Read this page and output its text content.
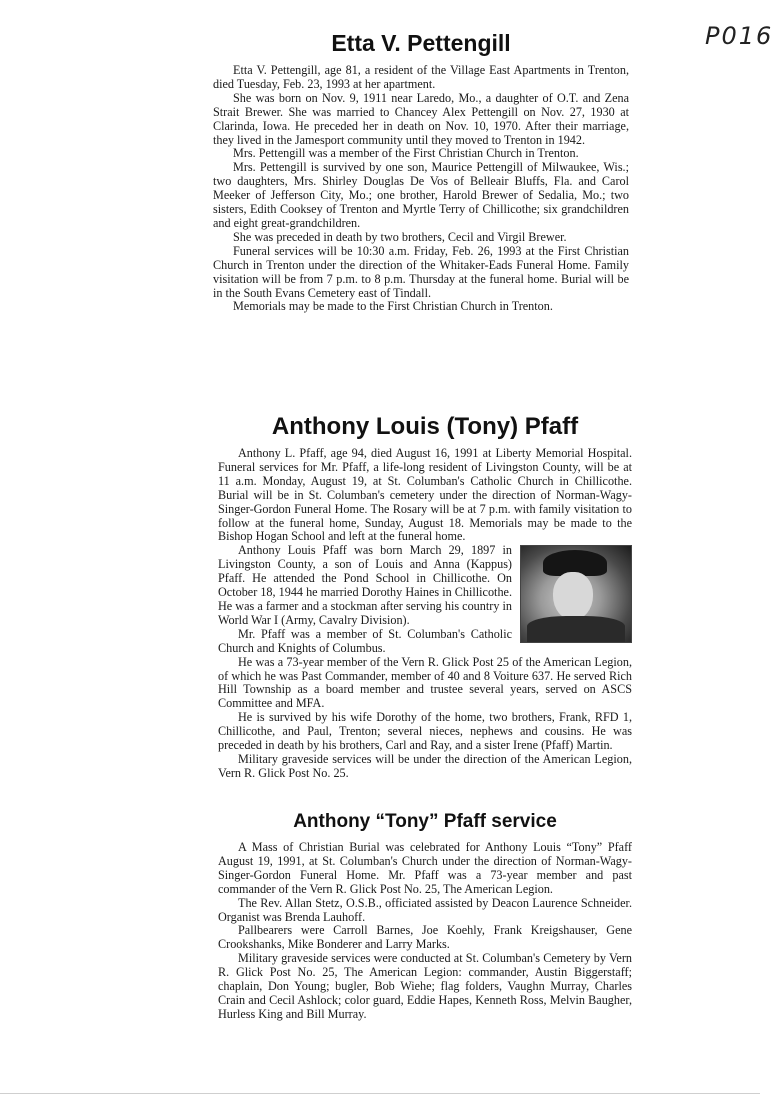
P016
Etta V. Pettengill

Etta V. Pettengill, age 81, a resident of the Village East Apartments in Trenton, died Tuesday, Feb. 23, 1993 at her apartment.

She was born on Nov. 9, 1911 near Laredo, Mo., a daughter of O.T. and Zena Strait Brewer. She was married to Chancey Alex Pettengill on Nov. 27, 1930 at Clarinda, Iowa. He preceded her in death on Nov. 10, 1970. After their marriage, they lived in the Jamesport community until they moved to Trenton in 1942.

Mrs. Pettengill was a member of the First Christian Church in Trenton.

Mrs. Pettengill is survived by one son, Maurice Pettengill of Milwaukee, Wis.; two daughters, Mrs. Shirley Douglas De Vos of Belleair Bluffs, Fla. and Carol Meeker of Jefferson City, Mo.; one brother, Harold Brewer of Sedalia, Mo.; two sisters, Edith Cooksey of Trenton and Myrtle Terry of Chillicothe; six grandchildren and eight great-grandchildren.

She was preceded in death by two brothers, Cecil and Virgil Brewer.

Funeral services will be 10:30 a.m. Friday, Feb. 26, 1993 at the First Christian Church in Trenton under the direction of the Whitaker-Eads Funeral Home. Family visitation will be from 7 p.m. to 8 p.m. Thursday at the funeral home. Burial will be in the South Evans Cemetery east of Tindall.

Memorials may be made to the First Christian Church in Trenton.

Anthony Louis (Tony) Pfaff

Anthony L. Pfaff, age 94, died August 16, 1991 at Liberty Memorial Hospital. Funeral services for Mr. Pfaff, a life-long resident of Livingston County, will be at 11 a.m. Monday, August 19, at St. Columban's Catholic Church in Chillicothe. Burial will be in St. Columban's cemetery under the direction of Norman-Wagy-Singer-Gordon Funeral Home. The Rosary will be at 7 p.m. with family visitation to follow at the funeral home, Sunday, August 18. Memorials may be made to the Bishop Hogan School and left at the funeral home.

Anthony Louis Pfaff was born March 29, 1897 in Livingston County, a son of Louis and Anna (Kappus) Pfaff. He attended the Pond School in Chillicothe. On October 18, 1944 he married Dorothy Haines in Chillicothe. He was a farmer and a stockman after serving his country in World War I (Army, Cavalry Division).

Mr. Pfaff was a member of St. Columban's Catholic Church and Knights of Columbus.

He was a 73-year member of the Vern R. Glick Post 25 of the American Legion, of which he was Past Commander, member of 40 and 8 Voiture 637. He served Rich Hill Township as a board member and trustee several years, served on ASCS Committee and MFA.

He is survived by his wife Dorothy of the home, two brothers, Frank, RFD 1, Chillicothe, and Paul, Trenton; several nieces, nephews and cousins. He was preceded in death by his brothers, Carl and Ray, and a sister Irene (Pfaff) Martin.

Military graveside services will be under the direction of the American Legion, Vern R. Glick Post No. 25.

Anthony “Tony” Pfaff service

A Mass of Christian Burial was celebrated for Anthony Louis “Tony” Pfaff August 19, 1991, at St. Columban's Church under the direction of Norman-Wagy-Singer-Gordon Funeral Home. Mr. Pfaff was a 73-year member and past commander of the Vern R. Glick Post No. 25, The American Legion.

The Rev. Allan Stetz, O.S.B., officiated assisted by Deacon Laurence Schneider. Organist was Brenda Lauhoff.

Pallbearers were Carroll Barnes, Joe Koehly, Frank Kreigshauser, Gene Crookshanks, Mike Bonderer and Larry Marks.

Military graveside services were conducted at St. Columban's Cemetery by Vern R. Glick Post No. 25, The American Legion: commander, Austin Biggerstaff; chaplain, Don Young; bugler, Bob Wiehe; flag folders, Vaughn Murray, Charles Crain and Cecil Ashlock; color guard, Eddie Hapes, Kenneth Ross, Melvin Baugher, Hurless King and Bill Murray.
